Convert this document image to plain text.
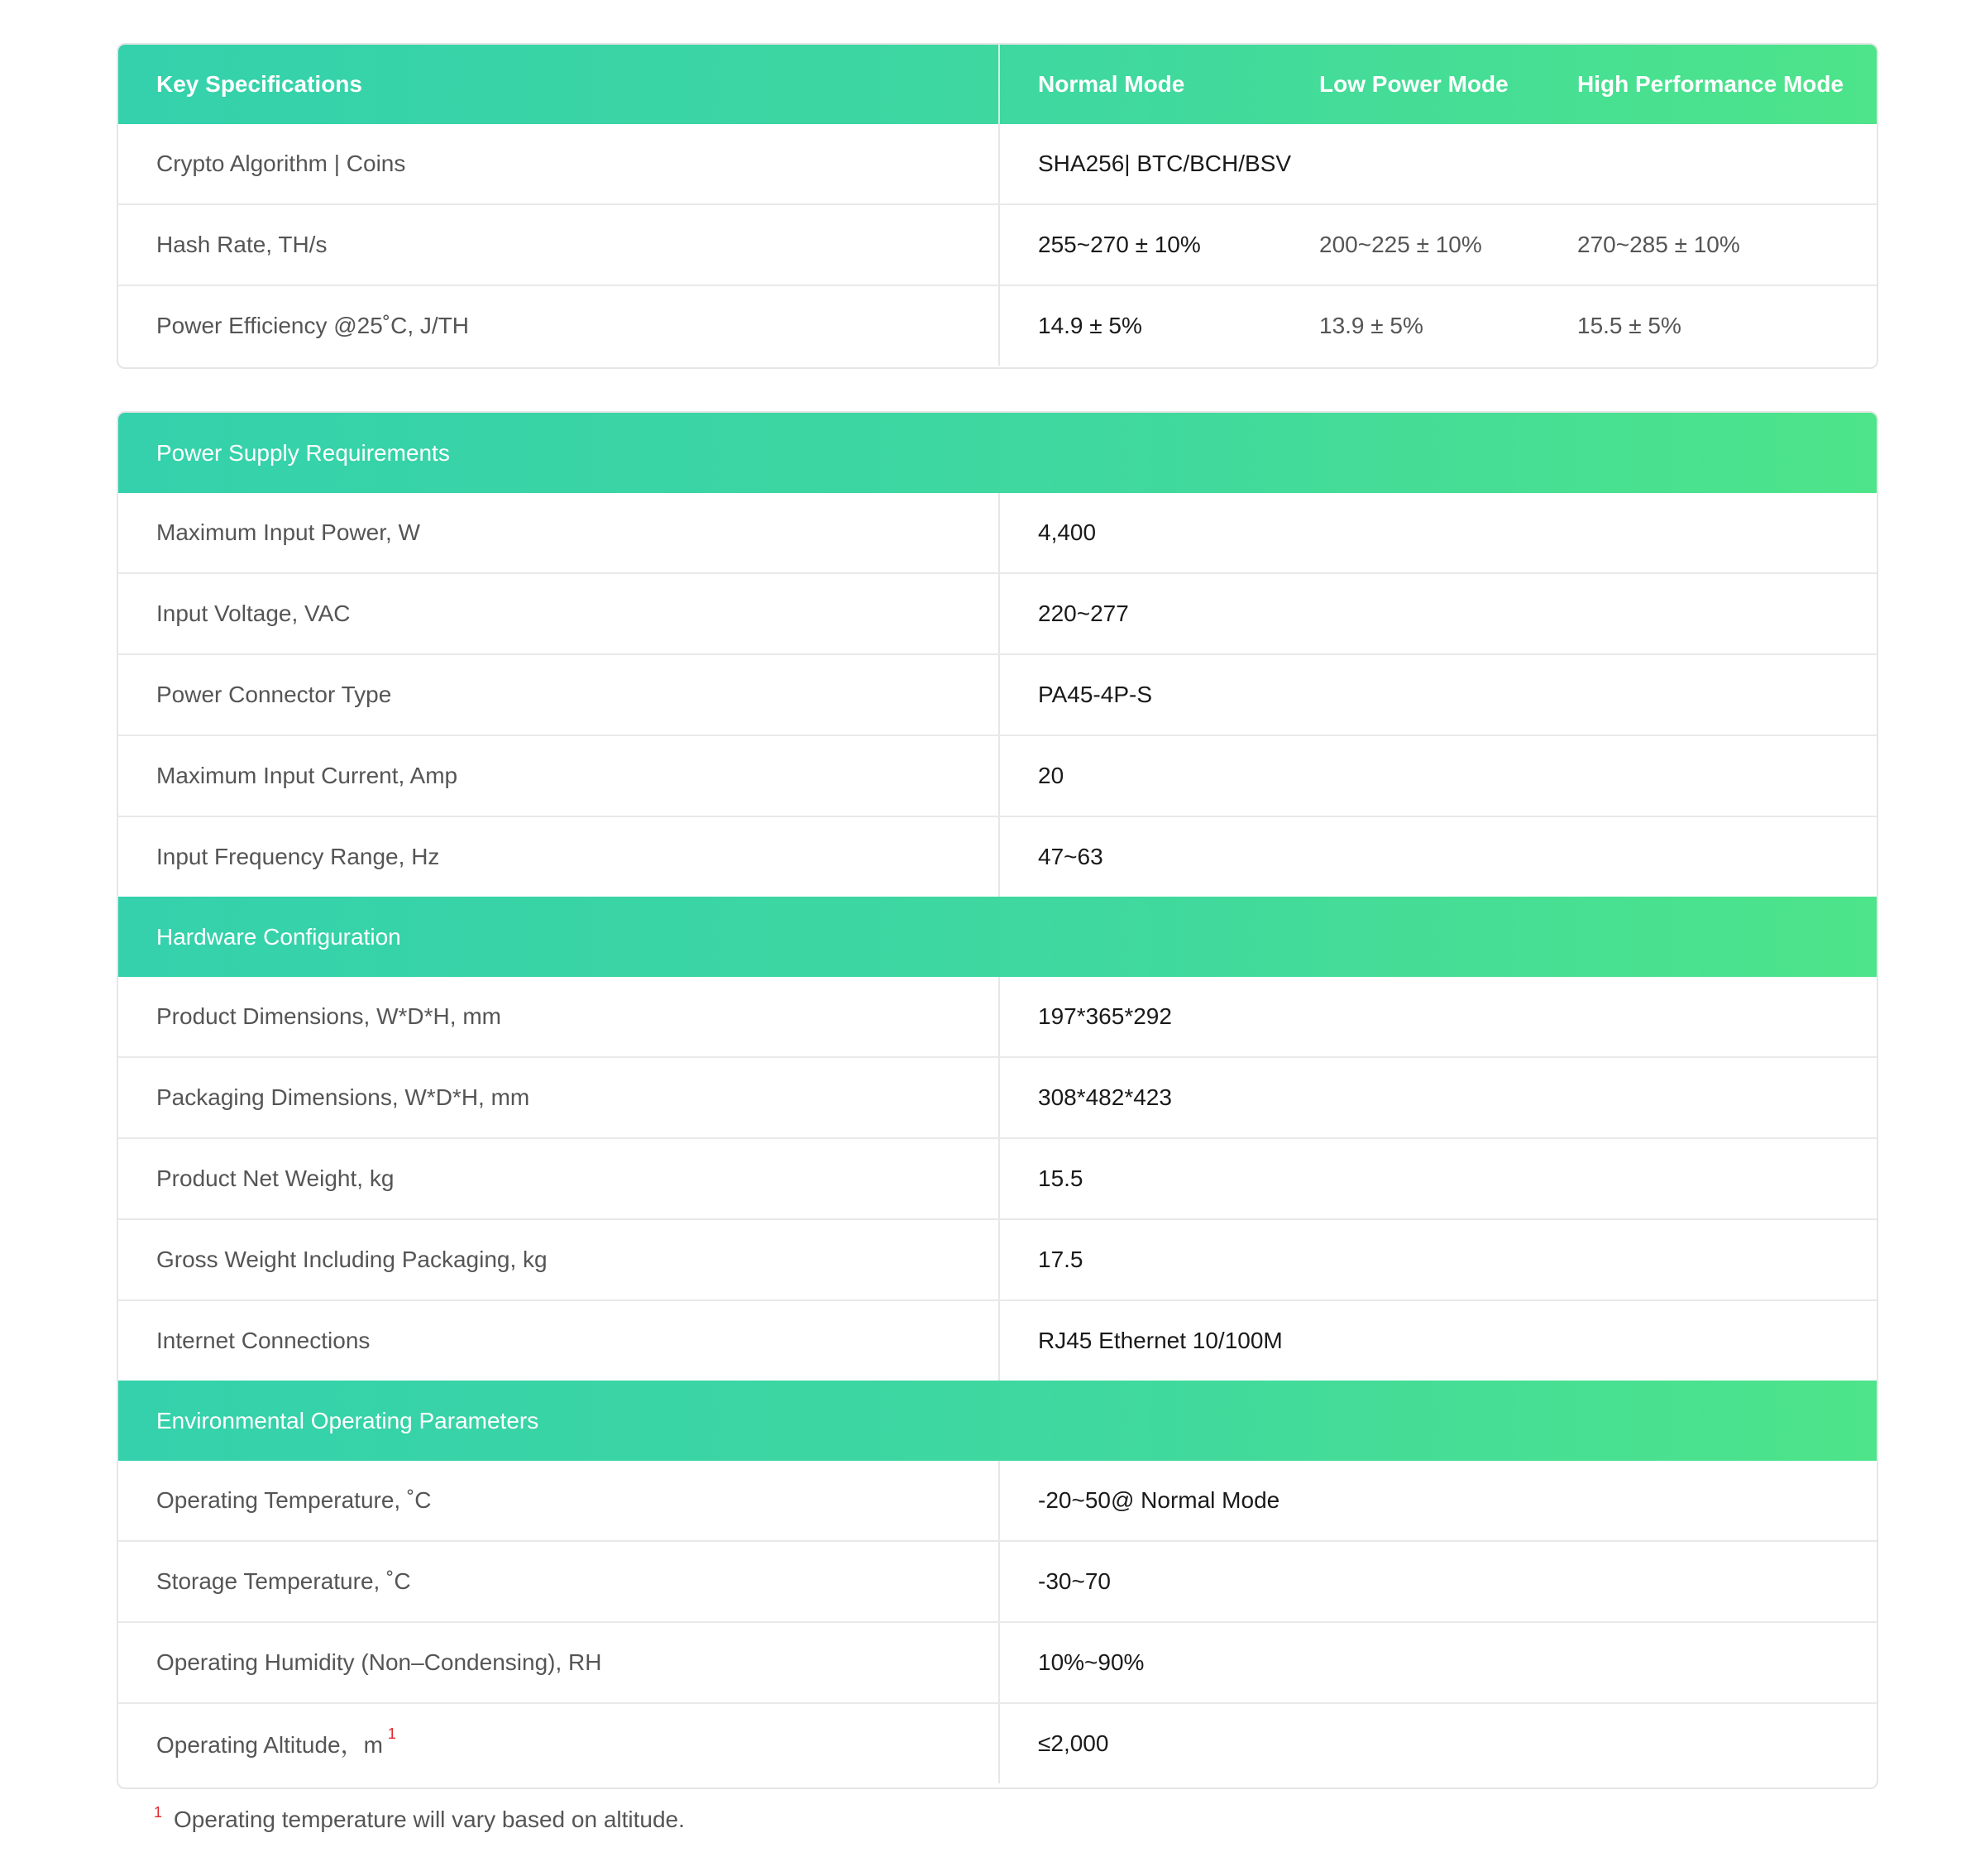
Key Specifications	Normal Mode	Low Power Mode	High Performance Mode
Crypto Algorithm | Coins	SHA256| BTC/BCH/BSV
Hash Rate, TH/s	255~270 ± 10%	200~225 ± 10%	270~285 ± 10%
Power Efficiency @25˚C, J/TH	14.9 ± 5%	13.9 ± 5%	15.5 ± 5%
Power Supply Requirements
Maximum Input Power, W	4,400
Input Voltage, VAC	220~277
Power Connector Type	PA45-4P-S
Maximum Input Current, Amp	20
Input Frequency Range, Hz	47~63
Hardware Configuration
Product Dimensions, W*D*H, mm	197*365*292
Packaging Dimensions, W*D*H, mm	308*482*423
Product Net Weight, kg	15.5
Gross Weight Including Packaging, kg	17.5
Internet Connections	RJ45 Ethernet 10/100M
Environmental Operating Parameters
Operating Temperature, ˚C	-20~50@ Normal Mode
Storage Temperature, ˚C	-30~70
Operating Humidity (Non–Condensing), RH	10%~90%
Operating Altitude，m $^1$	≤2,000
$^1$ Operating temperature will vary based on altitude.
